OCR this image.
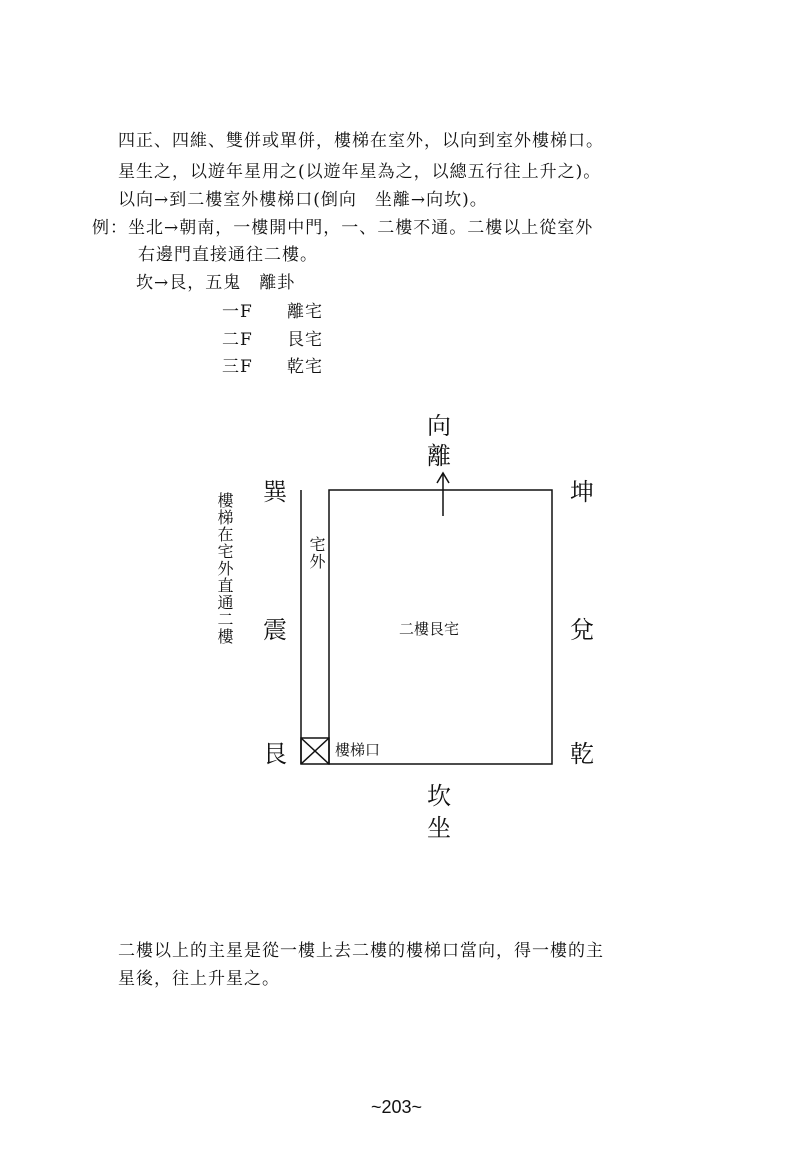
四正、四維、雙併或單併，樓梯在室外，以向到室外樓梯口。
星生之，以遊年星用之(以遊年星為之，以總五行往上升之)。
以向→到二樓室外樓梯口(倒向　坐離→向坎)。
例：坐北→朝南，一樓開中門，一、二樓不通。二樓以上從室外
右邊門直接通往二樓。
坎→艮，五鬼　離卦
一F 離宅
二F 艮宅
三F 乾宅
向
離
巽	坤
震	兌
艮	乾
坎
坐
二樓艮宅
樓梯口
宅外
樓梯在宅外直通二樓
二樓以上的主星是從一樓上去二樓的樓梯口當向，得一樓的主
星後，往上升星之。
~203~
